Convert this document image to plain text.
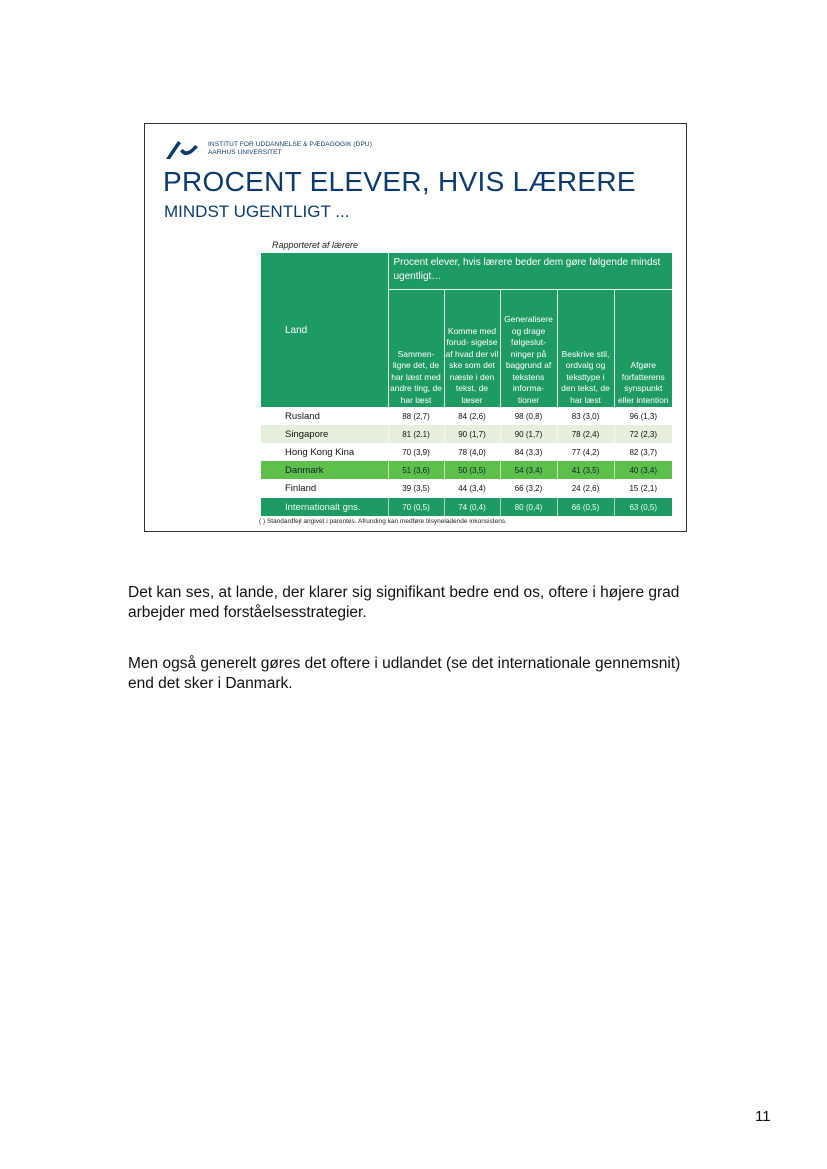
INSTITUT FOR UDDANNELSE & PÆDAGOGIK (DPU)
AARHUS UNIVERSITET
PROCENT ELEVER, HVIS LÆRERE
MINDST UGENTLIGT ...
Rapporteret af lærere
Land	Procent elever, hvis lærere beder dem gøre følgende mindst ugentligt…				
	Sammen- ligne det, de har læst med andre ting, de har læst	Komme med forud- sigelse af hvad der vil ske som det næste i den tekst, de læser	Generalisere og drage følgeslut- ninger på baggrund af tekstens informa- tioner	Beskrive stil, ordvalg og teksttype i den tekst, de har læst	Afgøre forfatterens synspunkt eller intention
Rusland	88 (2,7)	84 (2,6)	98 (0,8)	83 (3,0)	96 (1,3)
Singapore	81 (2.1)	90 (1,7)	90 (1,7)	78 (2,4)	72 (2,3)
Hong Kong Kina	70 (3,9)	78 (4,0)	84 (3,3)	77 (4,2)	82 (3,7)
Danmark	51 (3,6)	50 (3,5)	54 (3,4)	41 (3,5)	40 (3,4)
Finland	39 (3,5)	44 (3,4)	66 (3,2)	24 (2,6)	15 (2,1)
Internationalt gns.	70 (0,5)	74 (0,4)	80 (0,4)	66 (0,5)	63 (0,5)
( ) Standardfejl angivet i parentes. Afrunding kan medføre tilsyneladende inkonsistens.

Det kan ses, at lande, der klarer sig signifikant bedre end os, oftere i højere grad arbejder med forståelsesstrategier.

Men også generelt gøres det oftere i udlandet (se det internationale gennemsnit) end det sker i Danmark.

11
